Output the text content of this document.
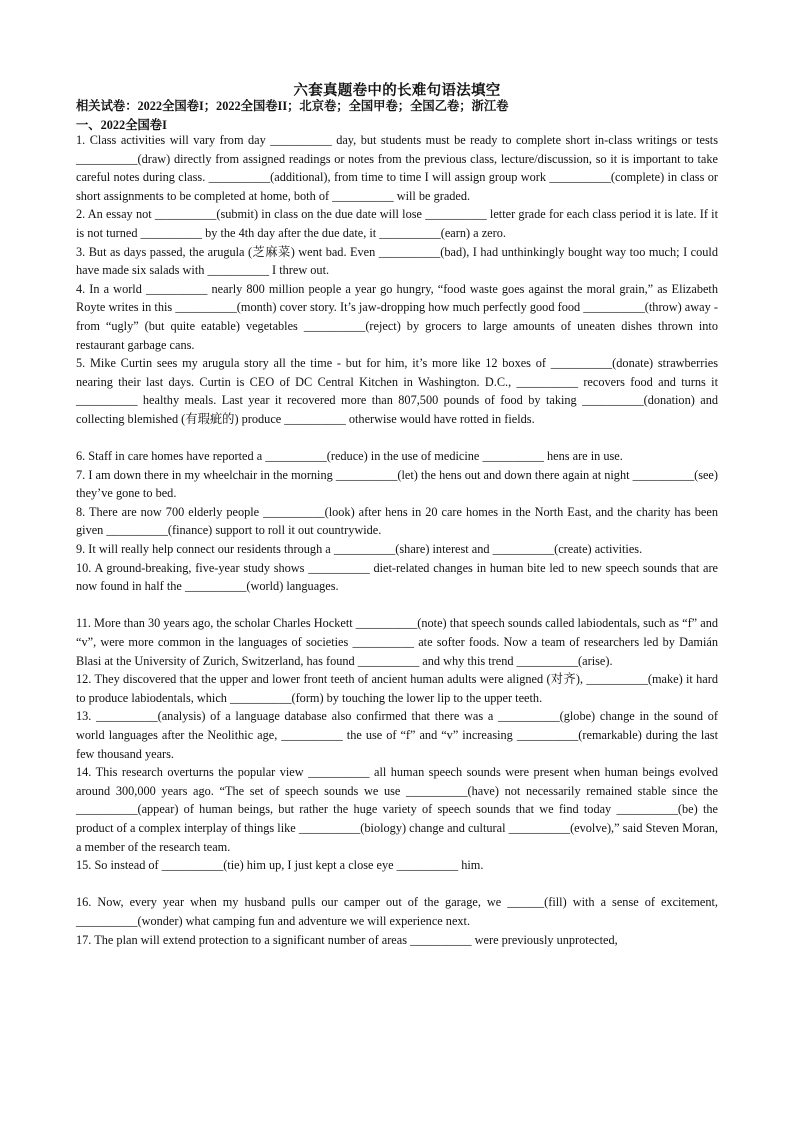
六套真题卷中的长难句语法填空
相关试卷：2022全国卷I；2022全国卷II；北京卷；全国甲卷；全国乙卷；浙江卷
一、2022全国卷I

1. Class activities will vary from day __________ day, but students must be ready to complete short in-class writings or tests __________(draw) directly from assigned readings or notes from the previous class, lecture/discussion, so it is important to take careful notes during class. __________(additional), from time to time I will assign group work __________(complete) in class or short assignments to be completed at home, both of __________ will be graded.

2. An essay not __________(submit) in class on the due date will lose __________ letter grade for each class period it is late. If it is not turned __________ by the 4th day after the due date, it __________(earn) a zero.

3. But as days passed, the arugula (芝麻菜) went bad. Even __________(bad), I had unthinkingly bought way too much; I could have made six salads with __________ I threw out.

4. In a world __________ nearly 800 million people a year go hungry, “food waste goes against the moral grain,” as Elizabeth Royte writes in this __________(month) cover story. It’s jaw-dropping how much perfectly good food __________(throw) away - from “ugly” (but quite eatable) vegetables __________(reject) by grocers to large amounts of uneaten dishes thrown into restaurant garbage cans.

5. Mike Curtin sees my arugula story all the time - but for him, it’s more like 12 boxes of __________(donate) strawberries nearing their last days. Curtin is CEO of DC Central Kitchen in Washington. D.C., __________ recovers food and turns it __________ healthy meals. Last year it recovered more than 807,500 pounds of food by taking __________(donation) and collecting blemished (有瑕疵的) produce __________ otherwise would have rotted in fields.

6. Staff in care homes have reported a __________(reduce) in the use of medicine __________ hens are in use.

7. I am down there in my wheelchair in the morning __________(let) the hens out and down there again at night __________(see) they’ve gone to bed.

8. There are now 700 elderly people __________(look) after hens in 20 care homes in the North East, and the charity has been given __________(finance) support to roll it out countrywide.

9. It will really help connect our residents through a __________(share) interest and __________(create) activities.

10. A ground-breaking, five-year study shows __________ diet-related changes in human bite led to new speech sounds that are now found in half the __________(world) languages.

11. More than 30 years ago, the scholar Charles Hockett __________(note) that speech sounds called labiodentals, such as “f” and “v”, were more common in the languages of societies __________ ate softer foods. Now a team of researchers led by Damián Blasi at the University of Zurich, Switzerland, has found __________ and why this trend __________(arise).

12. They discovered that the upper and lower front teeth of ancient human adults were aligned (对齐), __________(make) it hard to produce labiodentals, which __________(form) by touching the lower lip to the upper teeth.

13. __________(analysis) of a language database also confirmed that there was a __________(globe) change in the sound of world languages after the Neolithic age, __________ the use of “f” and “v” increasing __________(remarkable) during the last few thousand years.

14. This research overturns the popular view __________ all human speech sounds were present when human beings evolved around 300,000 years ago. “The set of speech sounds we use __________(have) not necessarily remained stable since the __________(appear) of human beings, but rather the huge variety of speech sounds that we find today __________(be) the product of a complex interplay of things like __________(biology) change and cultural __________(evolve),” said Steven Moran, a member of the research team.

15. So instead of __________(tie) him up, I just kept a close eye __________ him.

16. Now, every year when my husband pulls our camper out of the garage, we ______(fill) with a sense of excitement, __________(wonder) what camping fun and adventure we will experience next.

17. The plan will extend protection to a significant number of areas __________ were previously unprotected,
